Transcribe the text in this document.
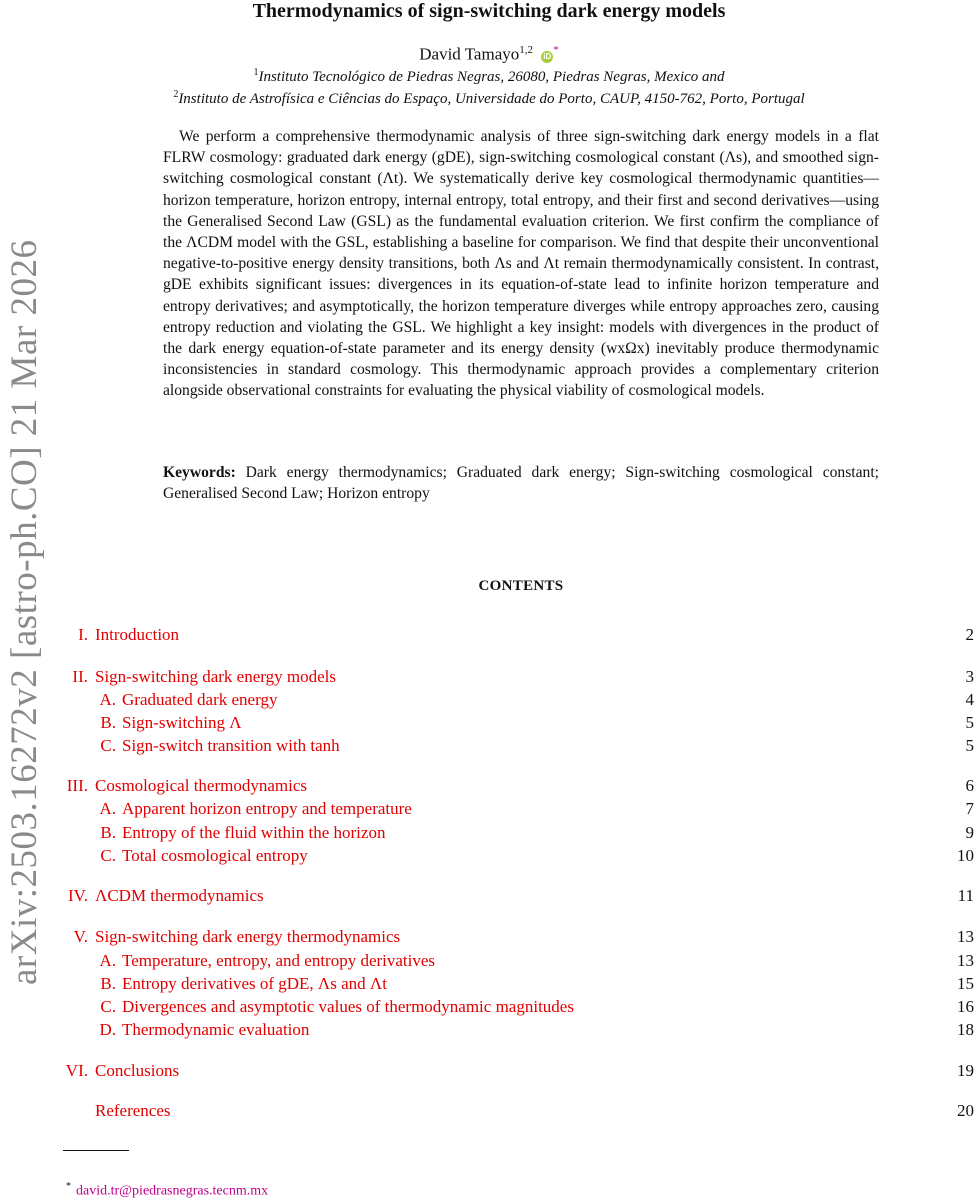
arXiv:2503.16272v2 [astro-ph.CO] 21 Mar 2026
Thermodynamics of sign-switching dark energy models
David Tamayo$^{1,2}$ iD*
$^1$Instituto Tecnológico de Piedras Negras, 26080, Piedras Negras, Mexico and
$^2$Instituto de Astrofísica e Ciências do Espaço, Universidade do Porto, CAUP, 4150-762, Porto, Portugal

We perform a comprehensive thermodynamic analysis of three sign-switching dark energy models in a flat FLRW cosmology: graduated dark energy (gDE), sign-switching cosmological constant (Λs), and smoothed sign-switching cosmological constant (Λt). We systematically derive key cosmological thermodynamic quantities—horizon temperature, horizon entropy, internal entropy, total entropy, and their first and second derivatives—using the Generalised Second Law (GSL) as the fundamental evaluation criterion. We first confirm the compliance of the ΛCDM model with the GSL, establishing a baseline for comparison. We find that despite their unconventional negative-to-positive energy density transitions, both Λs and Λt remain thermodynamically consistent. In contrast, gDE exhibits significant issues: divergences in its equation-of-state lead to infinite horizon temperature and entropy derivatives; and asymptotically, the horizon temperature diverges while entropy approaches zero, causing entropy reduction and violating the GSL. We highlight a key insight: models with divergences in the product of the dark energy equation-of-state parameter and its energy density (wxΩx) inevitably produce thermodynamic inconsistencies in standard cosmology. This thermodynamic approach provides a complementary criterion alongside observational constraints for evaluating the physical viability of cosmological models.

Keywords: Dark energy thermodynamics; Graduated dark energy; Sign-switching cosmological constant; Generalised Second Law; Horizon entropy

CONTENTS
I. Introduction	2
II. Sign-switching dark energy models	3
A. Graduated dark energy	4
B. Sign-switching Λ	5
C. Sign-switch transition with tanh	5
III. Cosmological thermodynamics	6
A. Apparent horizon entropy and temperature	7
B. Entropy of the fluid within the horizon	9
C. Total cosmological entropy	10
IV. ΛCDM thermodynamics	11
V. Sign-switching dark energy thermodynamics	13
A. Temperature, entropy, and entropy derivatives	13
B. Entropy derivatives of gDE, Λs and Λt	15
C. Divergences and asymptotic values of thermodynamic magnitudes	16
D. Thermodynamic evaluation	18
VI. Conclusions	19
References	20
* david.tr@piedrasnegras.tecnm.mx
